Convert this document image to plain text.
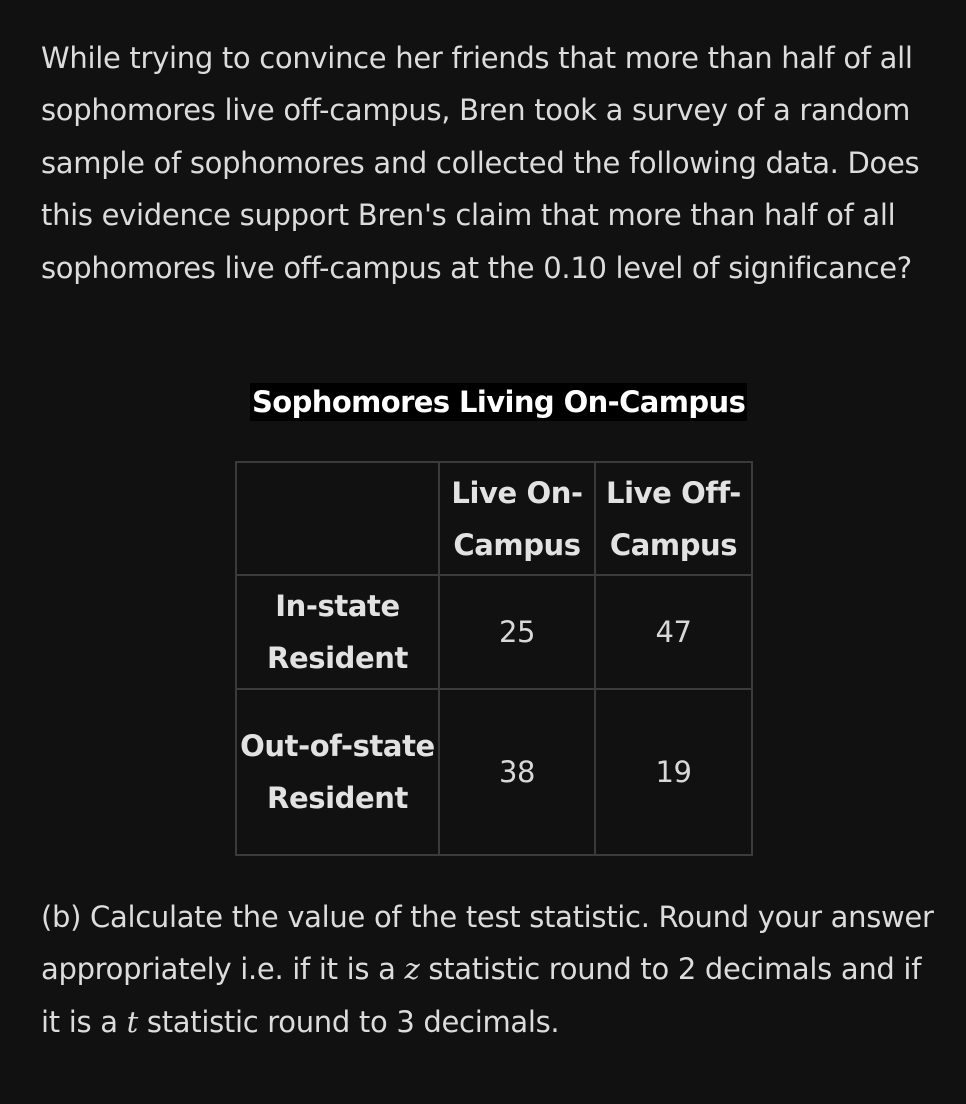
While trying to convince her friends that more than half of all sophomores live off-campus, Bren took a survey of a random sample of sophomores and collected the following data. Does this evidence support Bren's claim that more than half of all sophomores live off-campus at the 0.10 level of significance?

Sophomores Living On-Campus
	Live On-Campus	Live Off-Campus
In-state Resident	25	47
Out-of-state Resident	38	19

(b) Calculate the value of the test statistic. Round your answer appropriately i.e. if it is a z statistic round to 2 decimals and if it is a t statistic round to 3 decimals.
